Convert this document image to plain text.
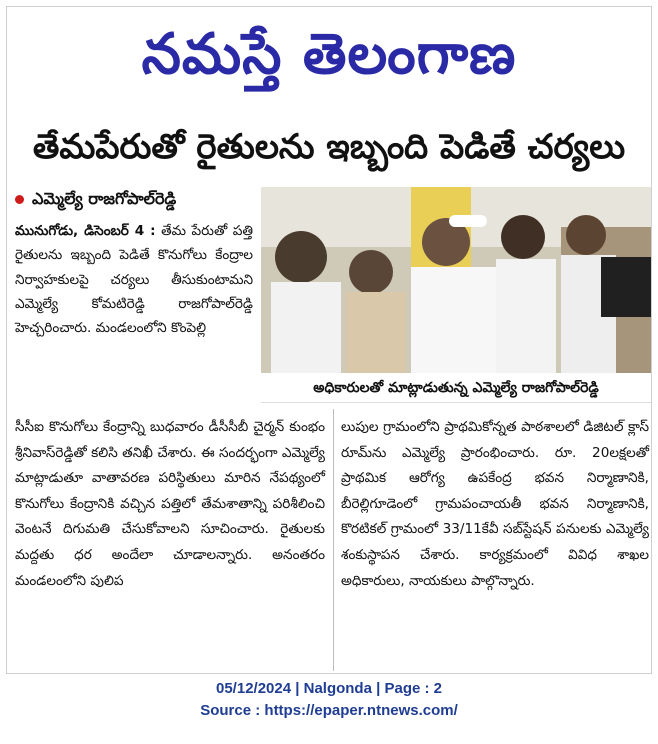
నమస్తే తెలంగాణ
తేమపేరుతో రైతులను ఇబ్బంది పెడితే చర్యలు
ఎమ్మెల్యే రాజగోపాల్‌రెడ్డి
మునుగోడు, డిసెంబర్ 4 : తేమ పేరుతో పత్తి రైతులను ఇబ్బంది పెడితే కొనుగోలు కేంద్రాల నిర్వాహకులపై చర్యలు తీసుకుంటామని ఎమ్మెల్యే కోమటిరెడ్డి రాజగోపాల్‌రెడ్డి హెచ్చరించారు. మండలంలోని కొంపెల్లి
అధికారులతో మాట్లాడుతున్న ఎమ్మెల్యే రాజగోపాల్‌రెడ్డి
సీసీఐ కొనుగోలు కేంద్రాన్ని బుధవారం డీసీసీబీ చైర్మన్ కుంభం శ్రీనివాస్‌రెడ్డితో కలిసి తనిఖీ చేశారు. ఈ సందర్భంగా ఎమ్మెల్యే మాట్లాడుతూ వాతావరణ పరిస్థితులు మారిన నేపథ్యంలో కొనుగోలు కేంద్రానికి వచ్చిన పత్తిలో తేమశాతాన్ని పరిశీలించి వెంటనే దిగుమతి చేసుకోవాలని సూచించారు. రైతులకు మద్దతు ధర అందేలా చూడాలన్నారు. అనంతరం మండలంలోని పులిప
లుపుల గ్రామంలోని ప్రాథమికోన్నత పాఠశాలలో డిజిటల్ క్లాస్ రూమ్‌ను ఎమ్మెల్యే ప్రారంభించారు. రూ. 20లక్షలతో ప్రాథమిక ఆరోగ్య ఉపకేంద్ర భవన నిర్మాణానికి, బీరెల్లిగూడెంలో గ్రామపంచాయతీ భవన నిర్మాణానికి, కొరటికల్ గ్రామంలో 33/11కేవీ సబ్‌స్టేషన్ పనులకు ఎమ్మెల్యే శంకుస్థాపన చేశారు. కార్యక్రమంలో వివిధ శాఖల అధికారులు, నాయకులు పాల్గొన్నారు.
05/12/2024 | Nalgonda | Page : 2
Source : https://epaper.ntnews.com/
